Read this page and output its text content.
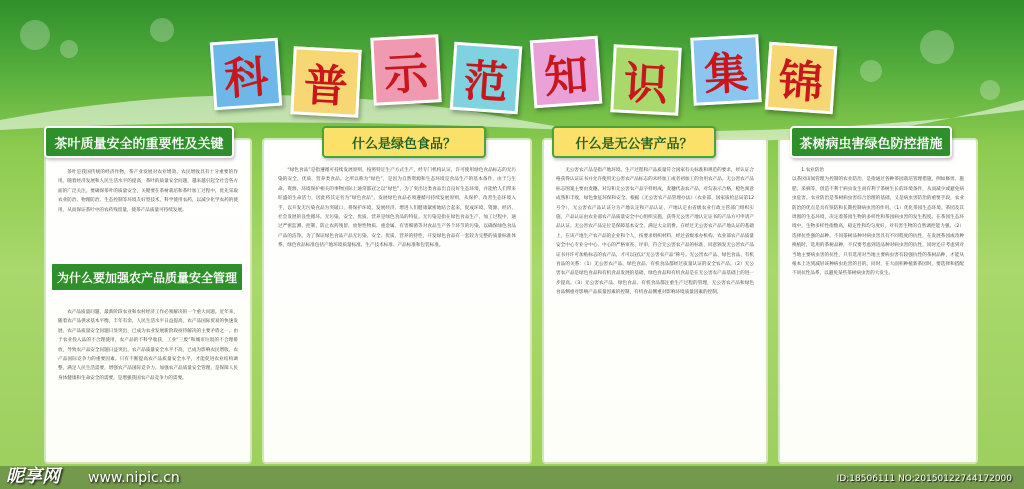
科 普 示 范 知 识 集 锦
茶叶质量安全的重要性及关键

茶叶是我国传统的经济作物，茶产业发展对农业增效、农民增收具有十分重要的作用。随着经济发展和人民生活水平的提高，茶叶的质量安全问题，越来越引起全社会各方面的广泛关注。要确保茶叶的质量安全，关键要在茶树栽培和茶叶加工过程中，优先采取农业防治、物理防治、生态控制等环境友好型技术，科学使用农药，以减少化学农药的使用，从而保证茶叶中的农药残留量，使茶产品质量可持续发展。

农产品质量问题，最新阶段农业和农村经济工作必须解决的一个重大问题。近年来，随着农产品供求基本平衡，丰年有余，人民生活水平日益提高，农产品国际贸易的快速发展，农产品质量安全问题日显突出，已成为农业发展新阶段亟待解决的主要矛盾之一。由于农业投入品的不合理使用，农产品的不科学收获，工业“三废”和城市垃圾的不合理排放，导致农产品安全问题日益突出，农产品质量安全水平不高，已成为影响农民增收、农产品国际竞争力的重要因素。只有不断提高农产品质量安全水平，才能促进农业结构调整，满足人民生活需要，增强农产品国际竞争力。加强农产品质量安全管理，是保障人民身体健康和生命安全的需要，是增强我国农产品竞争力的需要。

为什么要加强农产品质量安全管理
什么是绿色食品？

“绿色食品”是指遵循可持续发展原则，按照特定生产方式生产，经专门机构认证，许可使用绿色食品标志的无污染的安全、优质、营养类食品。之所以称为“绿色”，是因为自然资源和生态环境是食品生产的基本条件，由于与生命、资源、环境保护相关的事物国际上通常都冠之以“绿色”，为了突出这类食品出自良好生态环境，并能给人们带来旺盛的生命活力，因此将其定名为“绿色食品”。发展绿色食品必须遵循可持续发展原则，从保护、改善生态环境入手，以开发无污染食品为突破口，将保护环境、发展经济、增进人们健康紧密地结合起来，促成环境、资源、经济、社会发展的良性循环。无污染、安全、优质、营养是绿色食品的特征。无污染是指在绿色食品生产、加工过程中，通过严密监测、控制，防止农药残留、放射性物质、重金属、有害细菌等对食品生产各个环节的污染，以确保绿色食品产品的洁净。为了保证绿色食品产品无污染、安全、优质、营养的特性，开发绿色食品有一套较为完整的质量标准体系。绿色食品标准包括产地环境质量标准、生产技术标准、产品标准和包装标准。

什么是无公害产品？

无公害农产品是指产地环境、生产过程和产品质量符合国家有关标准和规范的要求，经认证合格获得认证证书并允许使用无公害农产品标志的未经加工或者初加工的食用农产品。无公害农产品标志图案主要由麦穗、对勾和无公害农产品字样组成，麦穗代表农产品，对勾表示合格，橙色寓意成熟和丰收，绿色象征环保和安全。根据《无公害农产品管理办法》（农业部、国家质检总局第12号令），无公害农产品认证分为产地认定和产品认证，产地认定由省级农业行政主管部门组织实施，产品认证由农业部农产品质量安全中心组织实施，获得无公害产地认定证书的产品方可申请产品认证。无公害农产品定位是保障基本安全、满足大众消费。在经过无公害农产品产地认证的基础上，在该产地生产农产品的企业和个人，按要求组织材料，经过省级承办机构、农业部农产品质量安全中心专业分中心、中心的严格审查、评审，符合无公害农产品的标准，同意颁发无公害农产品证书并许可加贴标志的农产品，才可以冠以“无公害农产品”称号。无公害农产品、绿色食品、有机食品的关系：（1）无公害农产品、绿色食品、有机食品都经过质量认证的安全农产品。（2）无公害农产品是绿色食品和有机食品发展的基础，绿色食品和有机食品是在无公害农产品基础上的进一步提高。（3）无公害农产品、绿色食品、有机食品都注重生产过程的管理，无公害农产品和绿色食品侧重对影响产品质量因素的控制，有机食品侧重对影响环境质量因素的控制。

茶树病虫害绿色防控措施

1.农业防治
以茶园田间管理为控制的农业防治，是指通过各种茶园栽培管理措施，例如修剪、施肥、采摘等，创造不利于病虫发生而有利于茶树生长的环境条件，从而减少或避免病虫危害。农业防治是茶树病虫害综合治理的基础，又是病虫害防治的重要手段，农业防治的优点是具有预防和长期控制病虫害的作用。（1）优化茶园生态环境。茶园及其周围的生态环境，决定着茶园生物的多样性和茶园病虫害的发生程度。在茶园生态环境中，生物多样性指数高，稳定性和均匀度好，对有害生物的自然调控能力强。（2）选择抗性强的品种。不同茶树品种对病虫害具有不同程度的抗性，在发展茶园或改种换植时，选用的茶树品种，不仅要考虑到适品种对病虫害的抗性，同时还应考虑到对当地主要病虫害的抗性，只有选用对当地主要病虫害有较强抗性的茶树品种，才能从根本上达到减轻该种病虫危害的目的。同时，在大面积种植新茶园时，要选择和搭配不同抗性品系，以避免某些茶树病虫害的大发生。

昵享网 www.nipic.cn	ID:18506111 NO:20150122744172000
